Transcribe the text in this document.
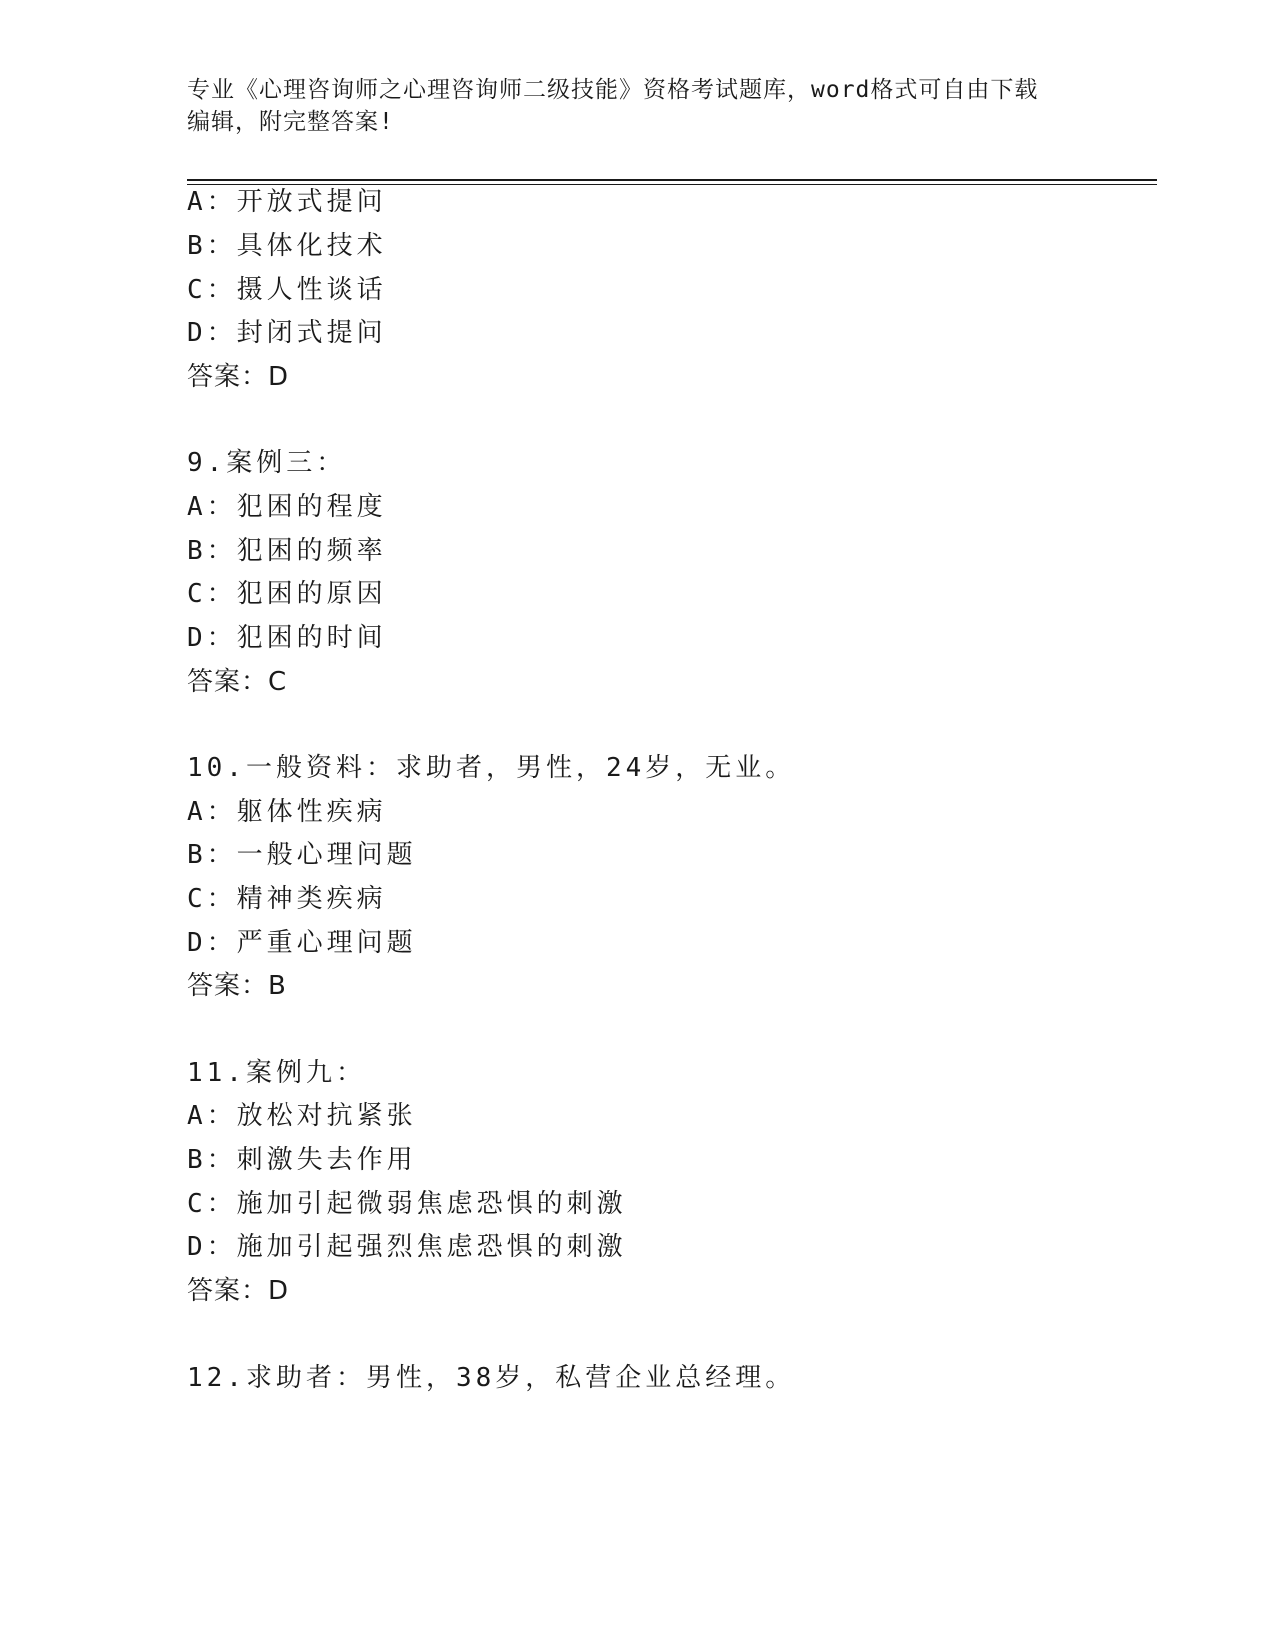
专业《心理咨询师之心理咨询师二级技能》资格考试题库，word格式可自由下载
编辑，附完整答案!
A：开放式提问
B：具体化技术
C：摄人性谈话
D：封闭式提问
答案：D
9.案例三：
A：犯困的程度
B：犯困的频率
C：犯困的原因
D：犯困的时间
答案：C
10.一般资料：求助者，男性，24岁，无业。
A：躯体性疾病
B：一般心理问题
C：精神类疾病
D：严重心理问题
答案：B
11.案例九：
A：放松对抗紧张
B：刺激失去作用
C：施加引起微弱焦虑恐惧的刺激
D：施加引起强烈焦虑恐惧的刺激
答案：D
12.求助者：男性，38岁，私营企业总经理。
